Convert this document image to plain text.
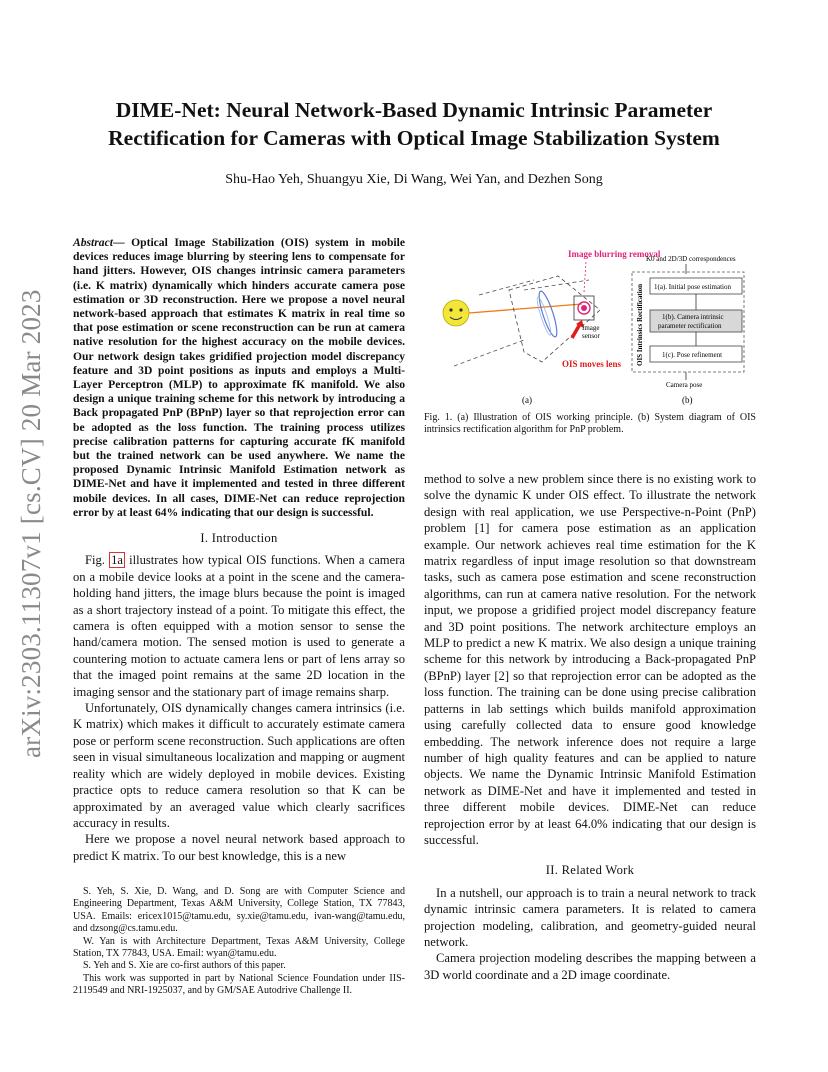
arXiv:2303.11307v1 [cs.CV] 20 Mar 2023
DIME-Net: Neural Network-Based Dynamic Intrinsic Parameter Rectification for Cameras with Optical Image Stabilization System
Shu-Hao Yeh, Shuangyu Xie, Di Wang, Wei Yan, and Dezhen Song
Abstract— Optical Image Stabilization (OIS) system in mobile devices reduces image blurring by steering lens to compensate for hand jitters. However, OIS changes intrinsic camera parameters (i.e. K matrix) dynamically which hinders accurate camera pose estimation or 3D reconstruction. Here we propose a novel neural network-based approach that estimates K matrix in real time so that pose estimation or scene reconstruction can be run at camera native resolution for the highest accuracy on the mobile devices. Our network design takes gridified projection model discrepancy feature and 3D point positions as inputs and employs a Multi-Layer Perceptron (MLP) to approximate fK manifold. We also design a unique training scheme for this network by introducing a Back propagated PnP (BPnP) layer so that reprojection error can be adopted as the loss function. The training process utilizes precise calibration patterns for capturing accurate fK manifold but the trained network can be used anywhere. We name the proposed Dynamic Intrinsic Manifold Estimation network as DIME-Net and have it implemented and tested in three different mobile devices. In all cases, DIME-Net can reduce reprojection error by at least 64% indicating that our design is successful.

I. Introduction

Fig. 1a illustrates how typical OIS functions. When a camera on a mobile device looks at a point in the scene and the camera-holding hand jitters, the image blurs because the point is imaged as a short trajectory instead of a point. To mitigate this effect, the camera is often equipped with a motion sensor to sense the hand/camera motion. The sensed motion is used to generate a countering motion to actuate camera lens or part of lens array so that the imaged point remains at the same 2D location in the imaging sensor and the stationary part of image remains sharp.

Unfortunately, OIS dynamically changes camera intrinsics (i.e. K matrix) which makes it difficult to accurately estimate camera pose or perform scene reconstruction. Such applications are often seen in visual simultaneous localization and mapping or augment reality which are widely deployed in mobile devices. Existing practice opts to reduce camera resolution so that K can be approximated by an averaged value which clearly sacrifices accuracy in results.

Here we propose a novel neural network based approach to predict K matrix. To our best knowledge, this is a new

S. Yeh, S. Xie, D. Wang, and D. Song are with Computer Science and Engineering Department, Texas A&M University, College Station, TX 77843, USA. Emails: ericex1015@tamu.edu, sy.xie@tamu.edu, ivan-wang@tamu.edu, and dzsong@cs.tamu.edu.

W. Yan is with Architecture Department, Texas A&M University, College Station, TX 77843, USA. Email: wyan@tamu.edu.

S. Yeh and S. Xie are co-first authors of this paper.

This work was supported in part by National Science Foundation under IIS-2119549 and NRI-1925037, and by GM/SAE Autodrive Challenge II.

Image blurring removal
Image
sensor
OIS moves lens
(a)
K0 and 2D/3D correspondences
OIS Intrinsics Rectification 1(a). Initial pose estimation
1(b). Camera intrinsic
parameter rectification
1(c). Pose refinement
Camera pose
(b)
Fig. 1. (a) Illustration of OIS working principle. (b) System diagram of OIS intrinsics rectification algorithm for PnP problem.

method to solve a new problem since there is no existing work to solve the dynamic K under OIS effect. To illustrate the network design with real application, we use Perspective-n-Point (PnP) problem [1] for camera pose estimation as an application example. Our network achieves real time estimation for the K matrix regardless of input image resolution so that downstream tasks, such as camera pose estimation and scene reconstruction algorithms, can run at camera native resolution. For the network input, we propose a gridified project model discrepancy feature and 3D point positions. The network architecture employs an MLP to predict a new K matrix. We also design a unique training scheme for this network by introducing a Back-propagated PnP (BPnP) layer [2] so that reprojection error can be adopted as the loss function. The training can be done using precise calibration patterns in lab settings which builds manifold approximation using carefully collected data to ensure good knowledge embedding. The network inference does not require a large number of high quality features and can be applied to nature objects. We name the Dynamic Intrinsic Manifold Estimation network as DIME-Net and have it implemented and tested in three different mobile devices. DIME-Net can reduce reprojection error by at least 64.0% indicating that our design is successful.

II. Related Work

In a nutshell, our approach is to train a neural network to track dynamic intrinsic camera parameters. It is related to camera projection modeling, calibration, and geometry-guided neural network.

Camera projection modeling describes the mapping between a 3D world coordinate and a 2D image coordinate.
